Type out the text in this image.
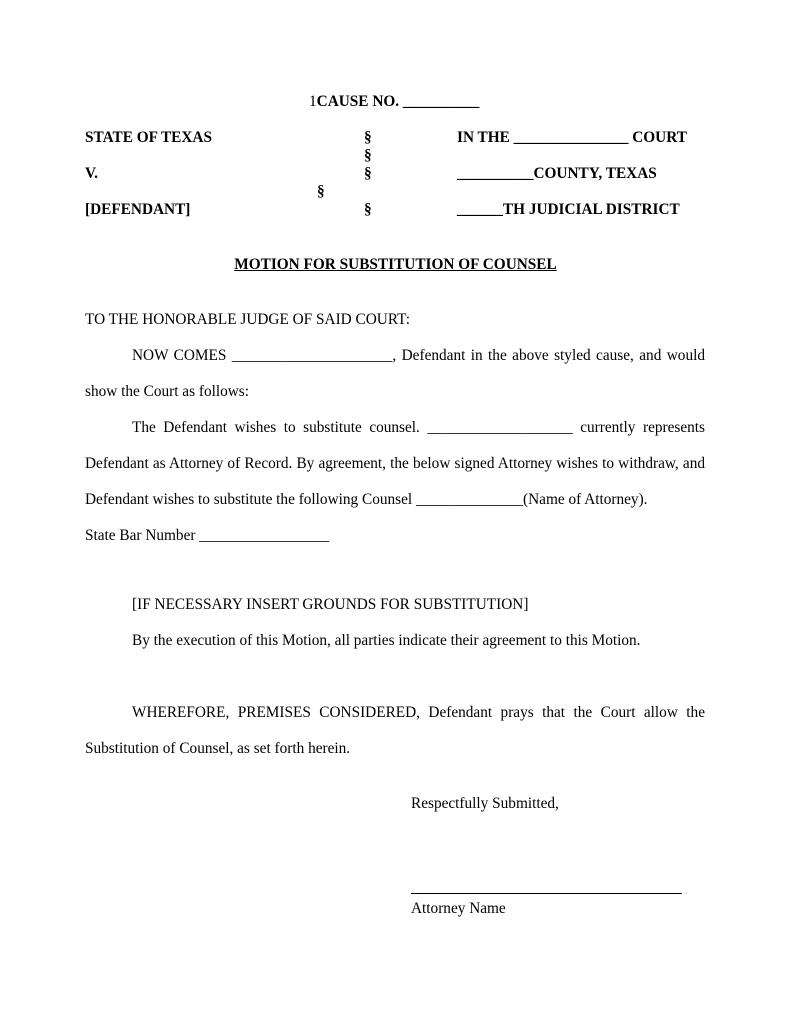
1CAUSE NO. __________
STATE OF TEXAS
V.
[DEFENDANT]
§
§
§
§
§
IN THE _______________ COURT
__________COUNTY, TEXAS
______TH JUDICIAL DISTRICT
MOTION FOR SUBSTITUTION OF COUNSEL
TO THE HONORABLE JUDGE OF SAID COURT:
NOW COMES _____________________, Defendant in the above styled cause, and would show the Court as follows:
The Defendant wishes to substitute counsel. ___________________ currently represents Defendant as Attorney of Record. By agreement, the below signed Attorney wishes to withdraw, and Defendant wishes to substitute the following Counsel ______________(Name of Attorney).
State Bar Number _________________
[IF NECESSARY INSERT GROUNDS FOR SUBSTITUTION]
By the execution of this Motion, all parties indicate their agreement to this Motion.
WHEREFORE, PREMISES CONSIDERED, Defendant prays that the Court allow the Substitution of Counsel, as set forth herein.
Respectfully Submitted,
Attorney Name
